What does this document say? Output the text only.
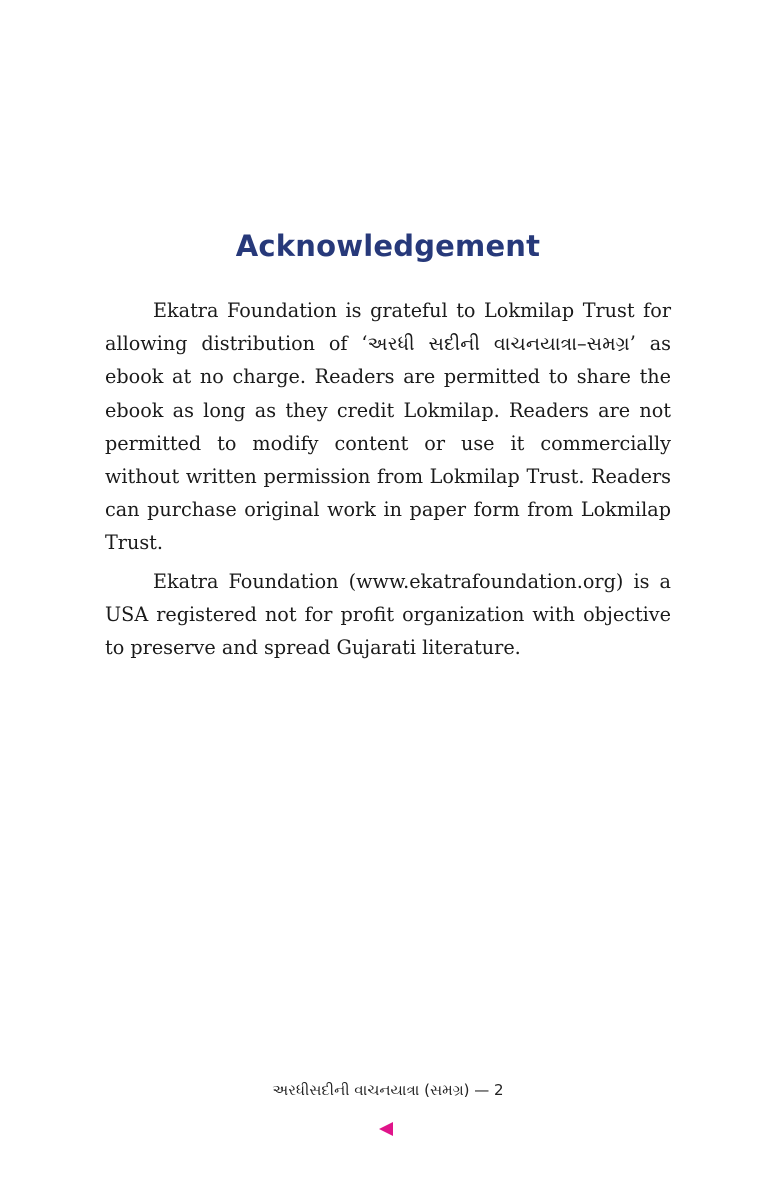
Acknowledgement

Ekatra Foundation is grateful to Lokmilap Trust for allowing distribution of ‘અરધી સદીની વાચનયાત્રા–સમગ્ર’ as ebook at no charge. Readers are permitted to share the ebook as long as they credit Lokmilap. Readers are not permitted to modify content or use it commercially without written permission from Lokmilap Trust. Readers can purchase original work in paper form from Lokmilap Trust.

Ekatra Foundation (www.ekatrafoundation.org) is a USA registered not for profit organization with objective to preserve and spread Gujarati literature.

અરધીસદીની વાચનયાત્રા (સમગ્ર) — 2
